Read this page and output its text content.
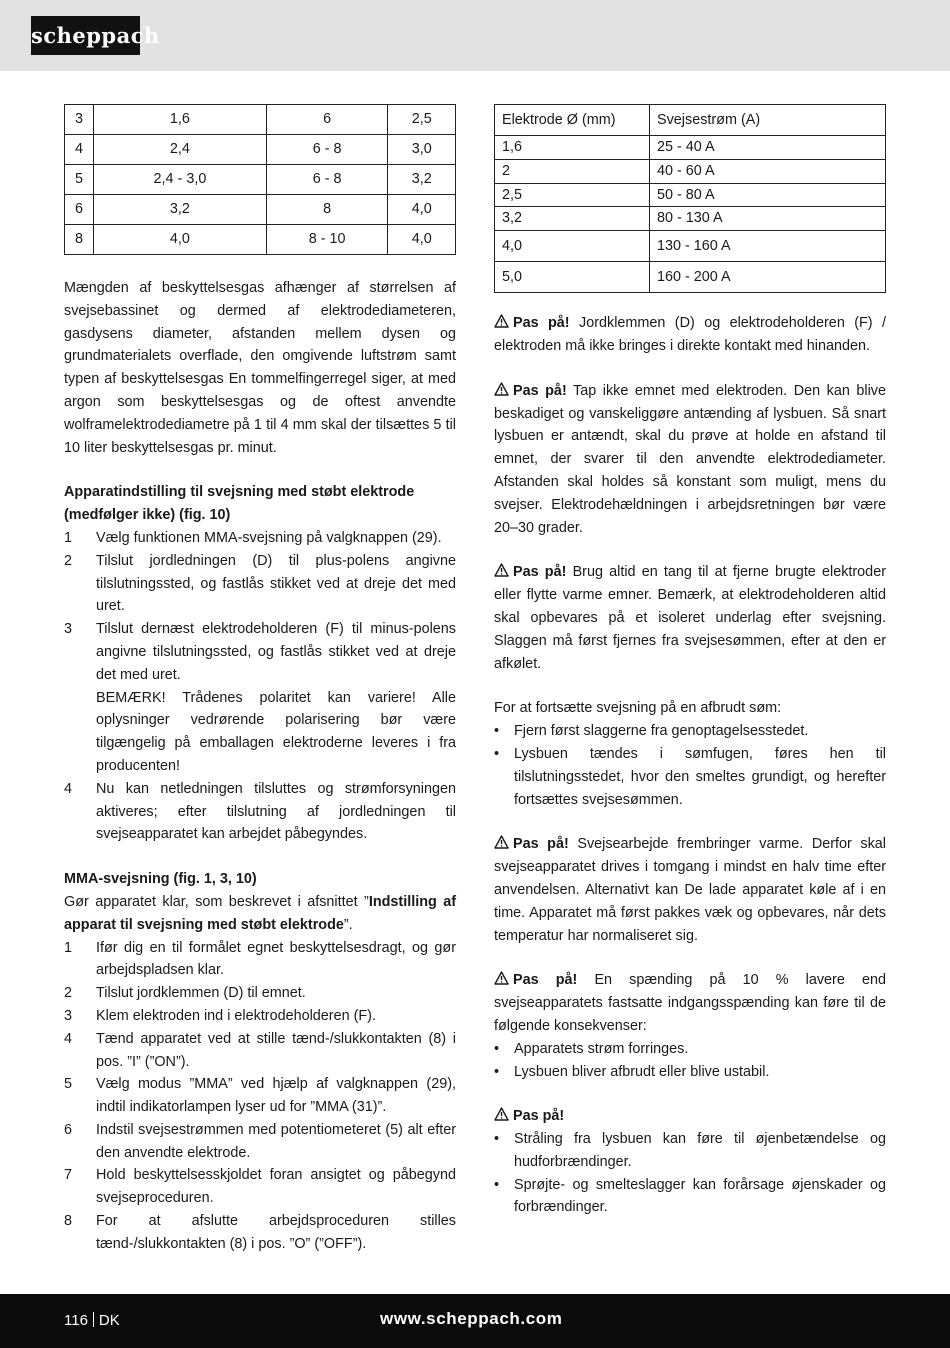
scheppach
3	1,6	6	2,5
4	2,4	6 - 8	3,0
5	2,4 - 3,0	6 - 8	3,2
6	3,2	8	4,0
8	4,0	8 - 10	4,0

Mængden af beskyttelsesgas afhænger af størrelsen af svejsebassinet og dermed af elektrodediameteren, gasdysens diameter, afstanden mellem dysen og grundmaterialets overflade, den omgivende luftstrøm samt typen af beskyttelsesgas En tommelfingerregel siger, at med argon som beskyttelsesgas og de oftest anvendte wolframelektrodediametre på 1 til 4 mm skal der tilsættes 5 til 10 liter beskyttelsesgas pr. minut.

Apparatindstilling til svejsning med støbt elektrode (medfølger ikke) (fig. 10)

1 Vælg funktionen MMA-svejsning på valgknappen (29).
2 Tilslut jordledningen (D) til plus-polens angivne tilslutningssted, og fastlås stikket ved at dreje det med uret.
3 Tilslut dernæst elektrodeholderen (F) til minus-polens angivne tilslutningssted, og fastlås stikket ved at dreje det med uret.
BEMÆRK! Trådenes polaritet kan variere! Alle oplysninger vedrørende polarisering bør være tilgængelig på emballagen elektroderne leveres i fra producenten!
4 Nu kan netledningen tilsluttes og strømforsyningen aktiveres; efter tilslutning af jordledningen til svejseapparatet kan arbejdet påbegyndes.

MMA-svejsning (fig. 1, 3, 10)

Gør apparatet klar, som beskrevet i afsnittet ”Indstilling af apparat til svejsning med støbt elektrode”.

1 Ifør dig en til formålet egnet beskyttelsesdragt, og gør arbejdspladsen klar.
2 Tilslut jordklemmen (D) til emnet.
3 Klem elektroden ind i elektrodeholderen (F).
4 Tænd apparatet ved at stille tænd-/slukkontakten (8) i pos. ”I” (”ON”).
5 Vælg modus ”MMA” ved hjælp af valgknappen (29), indtil indikatorlampen lyser ud for ”MMA (31)”.
6 Indstil svejsestrømmen med potentiometeret (5) alt efter den anvendte elektrode.
7 Hold beskyttelsesskjoldet foran ansigtet og påbegynd svejseproceduren.
8 For at afslutte arbejdsproceduren stilles tænd-/slukkontakten (8) i pos. ”O” (”OFF”).
Elektrode Ø (mm)	Svejsestrøm (A)
1,6	25 - 40 A
2	40 - 60 A
2,5	50 - 80 A
3,2	80 - 130 A
4,0	130 - 160 A
5,0	160 - 200 A

Pas på! Jordklemmen (D) og elektrodeholderen (F) / elektroden må ikke bringes i direkte kontakt med hinanden.

Pas på! Tap ikke emnet med elektroden. Den kan blive beskadiget og vanskeliggøre antænding af lysbuen. Så snart lysbuen er antændt, skal du prøve at holde en afstand til emnet, der svarer til den anvendte elektrodediameter. Afstanden skal holdes så konstant som muligt, mens du svejser. Elektrodehældningen i arbejdsretningen bør være 20–30 grader.

Pas på! Brug altid en tang til at fjerne brugte elektroder eller flytte varme emner. Bemærk, at elektrodeholderen altid skal opbevares på et isoleret underlag efter svejsning. Slaggen må først fjernes fra svejsesømmen, efter at den er afkølet.

For at fortsætte svejsning på en afbrudt søm:

• Fjern først slaggerne fra genoptagelsesstedet.
• Lysbuen tændes i sømfugen, føres hen til tilslutningsstedet, hvor den smeltes grundigt, og herefter fortsættes svejsesømmen.

Pas på! Svejsearbejde frembringer varme. Derfor skal svejseapparatet drives i tomgang i mindst en halv time efter anvendelsen. Alternativt kan De lade apparatet køle af i en time. Apparatet må først pakkes væk og opbevares, når dets temperatur har normaliseret sig.

Pas på! En spænding på 10 % lavere end svejseapparatets fastsatte indgangsspænding kan føre til de følgende konsekvenser:

• Apparatets strøm forringes.
• Lysbuen bliver afbrudt eller blive ustabil.

Pas på!

• Stråling fra lysbuen kan føre til øjenbetændelse og hudforbrændinger.
• Sprøjte- og smelteslagger kan forårsage øjenskader og forbrændinger.
116 DK	www.scheppach.com
